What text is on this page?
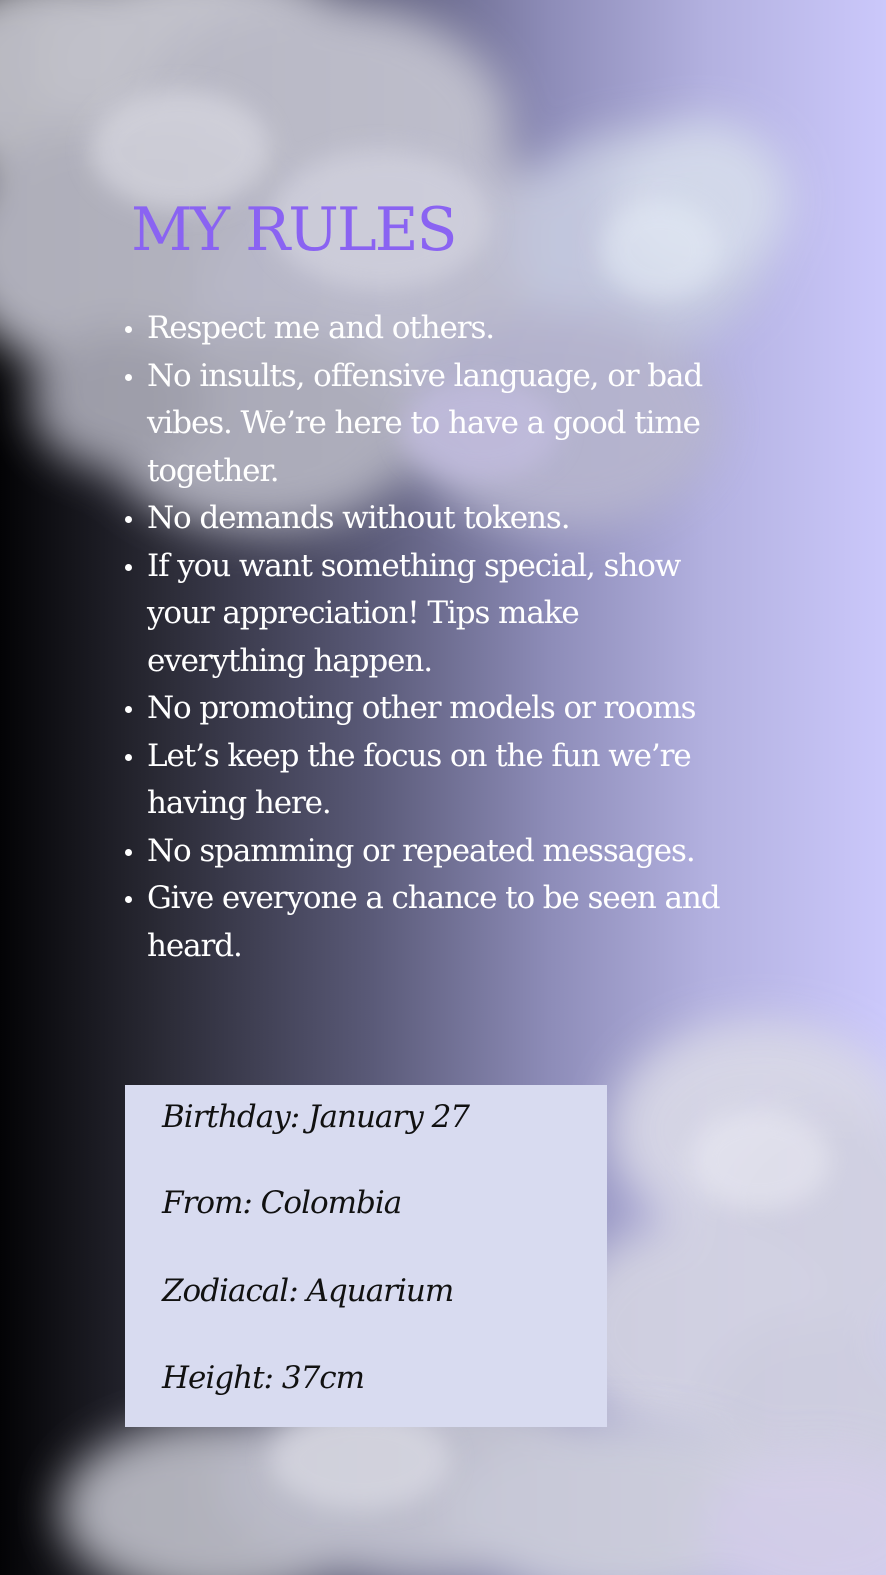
MY RULES
Respect me and others.
No insults, offensive language, or bad vibes. We’re here to have a good time together.
No demands without tokens.
If you want something special, show your appreciation! Tips make everything happen.
No promoting other models or rooms
Let’s keep the focus on the fun we’re having here.
No spamming or repeated messages.
Give everyone a chance to be seen and heard.

Birthday: January 27

From: Colombia

Zodiacal: Aquarium

Height: 37cm
